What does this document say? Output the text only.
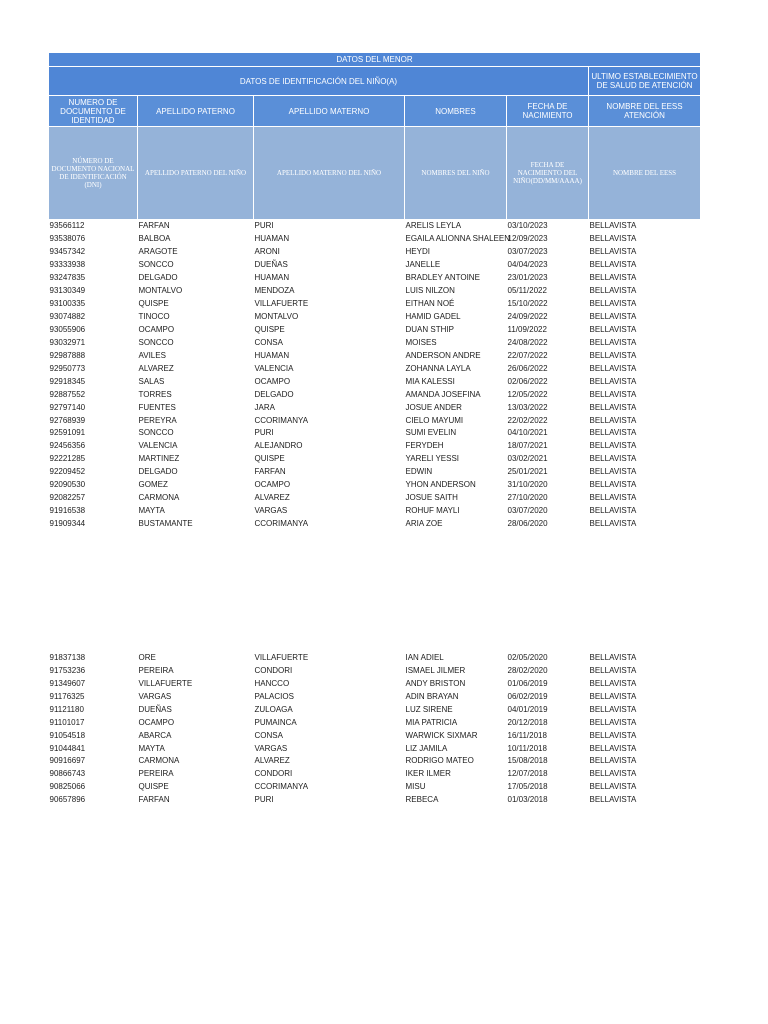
DATOS DEL MENOR					
DATOS DE IDENTIFICACIÓN DEL NIÑO(A)					ULTIMO ESTABLECIMIENTO DE SALUD DE ATENCIÓN
NUMERO DE DOCUMENTO DE IDENTIDAD	APELLIDO PATERNO	APELLIDO MATERNO	NOMBRES	FECHA DE NACIMIENTO	NOMBRE DEL EESS ATENCIÓN
NÚMERO DE DOCUMENTO NACIONAL DE IDENTIFICACIÓN (DNI)	APELLIDO PATERNO DEL NIÑO	APELLIDO MATERNO DEL NIÑO	NOMBRES DEL NIÑO	FECHA DE NACIMIENTO DEL NIÑO(DD/MM/AAAA)	NOMBRE DEL EESS
93566112	FARFAN	PURI	ARELIS LEYLA	03/10/2023	BELLAVISTA
93538076	BALBOA	HUAMAN	EGAILA ALIONNA SHALEEN	12/09/2023	BELLAVISTA
93457342	ARAGOTE	ARONI	HEYDI	03/07/2023	BELLAVISTA
93333938	SONCCO	DUEÑAS	JANELLE	04/04/2023	BELLAVISTA
93247835	DELGADO	HUAMAN	BRADLEY ANTOINE	23/01/2023	BELLAVISTA
93130349	MONTALVO	MENDOZA	LUIS NILZON	05/11/2022	BELLAVISTA
93100335	QUISPE	VILLAFUERTE	EITHAN NOÉ	15/10/2022	BELLAVISTA
93074882	TINOCO	MONTALVO	HAMID GADEL	24/09/2022	BELLAVISTA
93055906	OCAMPO	QUISPE	DUAN STHIP	11/09/2022	BELLAVISTA
93032971	SONCCO	CONSA	MOISES	24/08/2022	BELLAVISTA
92987888	AVILES	HUAMAN	ANDERSON ANDRE	22/07/2022	BELLAVISTA
92950773	ALVAREZ	VALENCIA	ZOHANNA LAYLA	26/06/2022	BELLAVISTA
92918345	SALAS	OCAMPO	MIA KALESSI	02/06/2022	BELLAVISTA
92887552	TORRES	DELGADO	AMANDA JOSEFINA	12/05/2022	BELLAVISTA
92797140	FUENTES	JARA	JOSUE ANDER	13/03/2022	BELLAVISTA
92768939	PEREYRA	CCORIMANYA	CIELO MAYUMI	22/02/2022	BELLAVISTA
92591091	SONCCO	PURI	SUMI EVELIN	04/10/2021	BELLAVISTA
92456356	VALENCIA	ALEJANDRO	FERYDEH	18/07/2021	BELLAVISTA
92221285	MARTINEZ	QUISPE	YARELI YESSI	03/02/2021	BELLAVISTA
92209452	DELGADO	FARFAN	EDWIN	25/01/2021	BELLAVISTA
92090530	GOMEZ	OCAMPO	YHON ANDERSON	31/10/2020	BELLAVISTA
92082257	CARMONA	ALVAREZ	JOSUE SAITH	27/10/2020	BELLAVISTA
91916538	MAYTA	VARGAS	ROHUF MAYLI	03/07/2020	BELLAVISTA
91909344	BUSTAMANTE	CCORIMANYA	ARIA ZOE	28/06/2020	BELLAVISTA

91837138	ORE	VILLAFUERTE	IAN ADIEL	02/05/2020	BELLAVISTA
91753236	PEREIRA	CONDORI	ISMAEL JILMER	28/02/2020	BELLAVISTA
91349607	VILLAFUERTE	HANCCO	ANDY BRISTON	01/06/2019	BELLAVISTA
91176325	VARGAS	PALACIOS	ADIN BRAYAN	06/02/2019	BELLAVISTA
91121180	DUEÑAS	ZULOAGA	LUZ SIRENE	04/01/2019	BELLAVISTA
91101017	OCAMPO	PUMAINCA	MIA PATRICIA	20/12/2018	BELLAVISTA
91054518	ABARCA	CONSA	WARWICK SIXMAR	16/11/2018	BELLAVISTA
91044841	MAYTA	VARGAS	LIZ JAMILA	10/11/2018	BELLAVISTA
90916697	CARMONA	ALVAREZ	RODRIGO MATEO	15/08/2018	BELLAVISTA
90866743	PEREIRA	CONDORI	IKER ILMER	12/07/2018	BELLAVISTA
90825066	QUISPE	CCORIMANYA	MISU	17/05/2018	BELLAVISTA
90657896	FARFAN	PURI	REBECA	01/03/2018	BELLAVISTA
